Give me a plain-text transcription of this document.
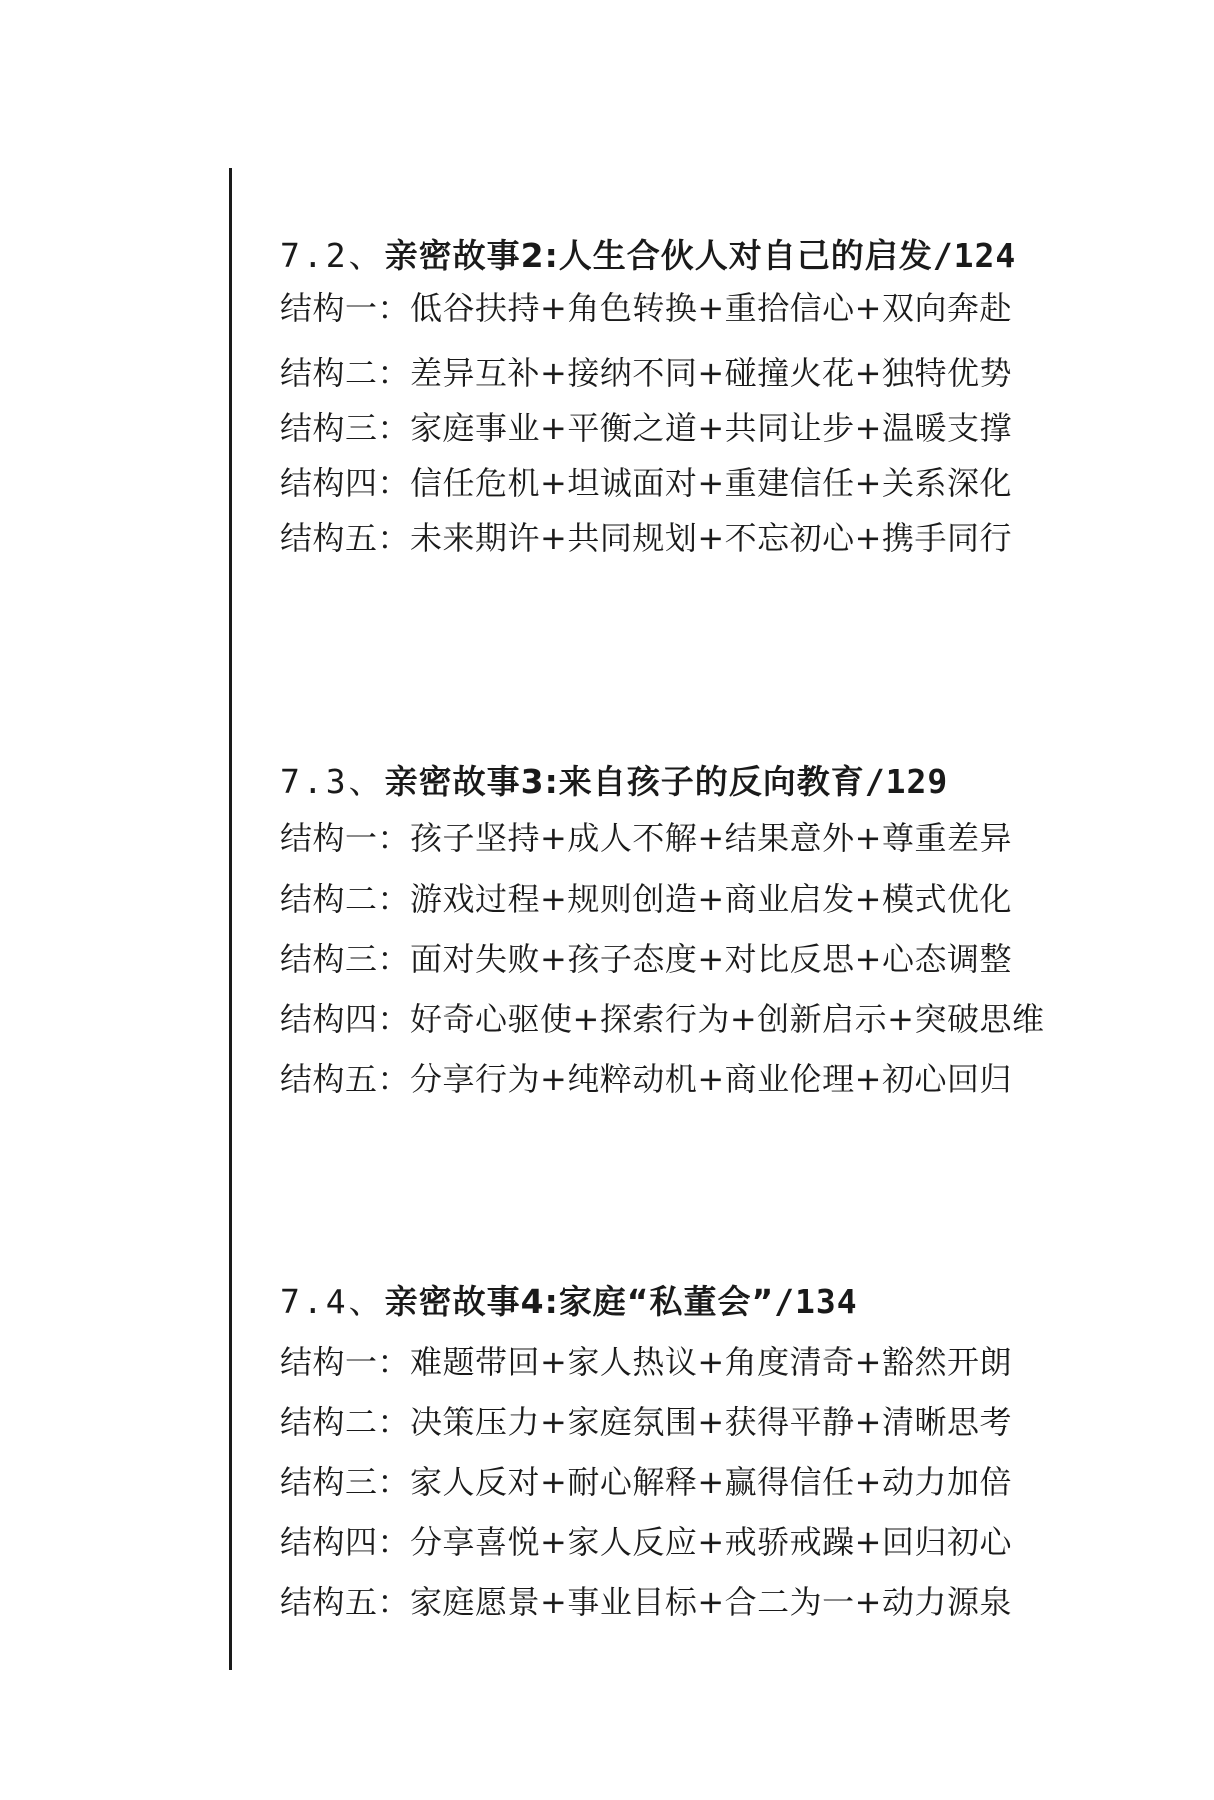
7.2、亲密故事2:人生合伙人对自己的启发/124
结构一：低谷扶持+角色转换+重拾信心+双向奔赴
结构二：差异互补+接纳不同+碰撞火花+独特优势
结构三：家庭事业+平衡之道+共同让步+温暖支撑
结构四：信任危机+坦诚面对+重建信任+关系深化
结构五：未来期许+共同规划+不忘初心+携手同行
7.3、亲密故事3:来自孩子的反向教育/129
结构一：孩子坚持+成人不解+结果意外+尊重差异
结构二：游戏过程+规则创造+商业启发+模式优化
结构三：面对失败+孩子态度+对比反思+心态调整
结构四：好奇心驱使+探索行为+创新启示+突破思维
结构五：分享行为+纯粹动机+商业伦理+初心回归
7.4、亲密故事4:家庭“私董会”/134
结构一：难题带回+家人热议+角度清奇+豁然开朗
结构二：决策压力+家庭氛围+获得平静+清晰思考
结构三：家人反对+耐心解释+赢得信任+动力加倍
结构四：分享喜悦+家人反应+戒骄戒躁+回归初心
结构五：家庭愿景+事业目标+合二为一+动力源泉
